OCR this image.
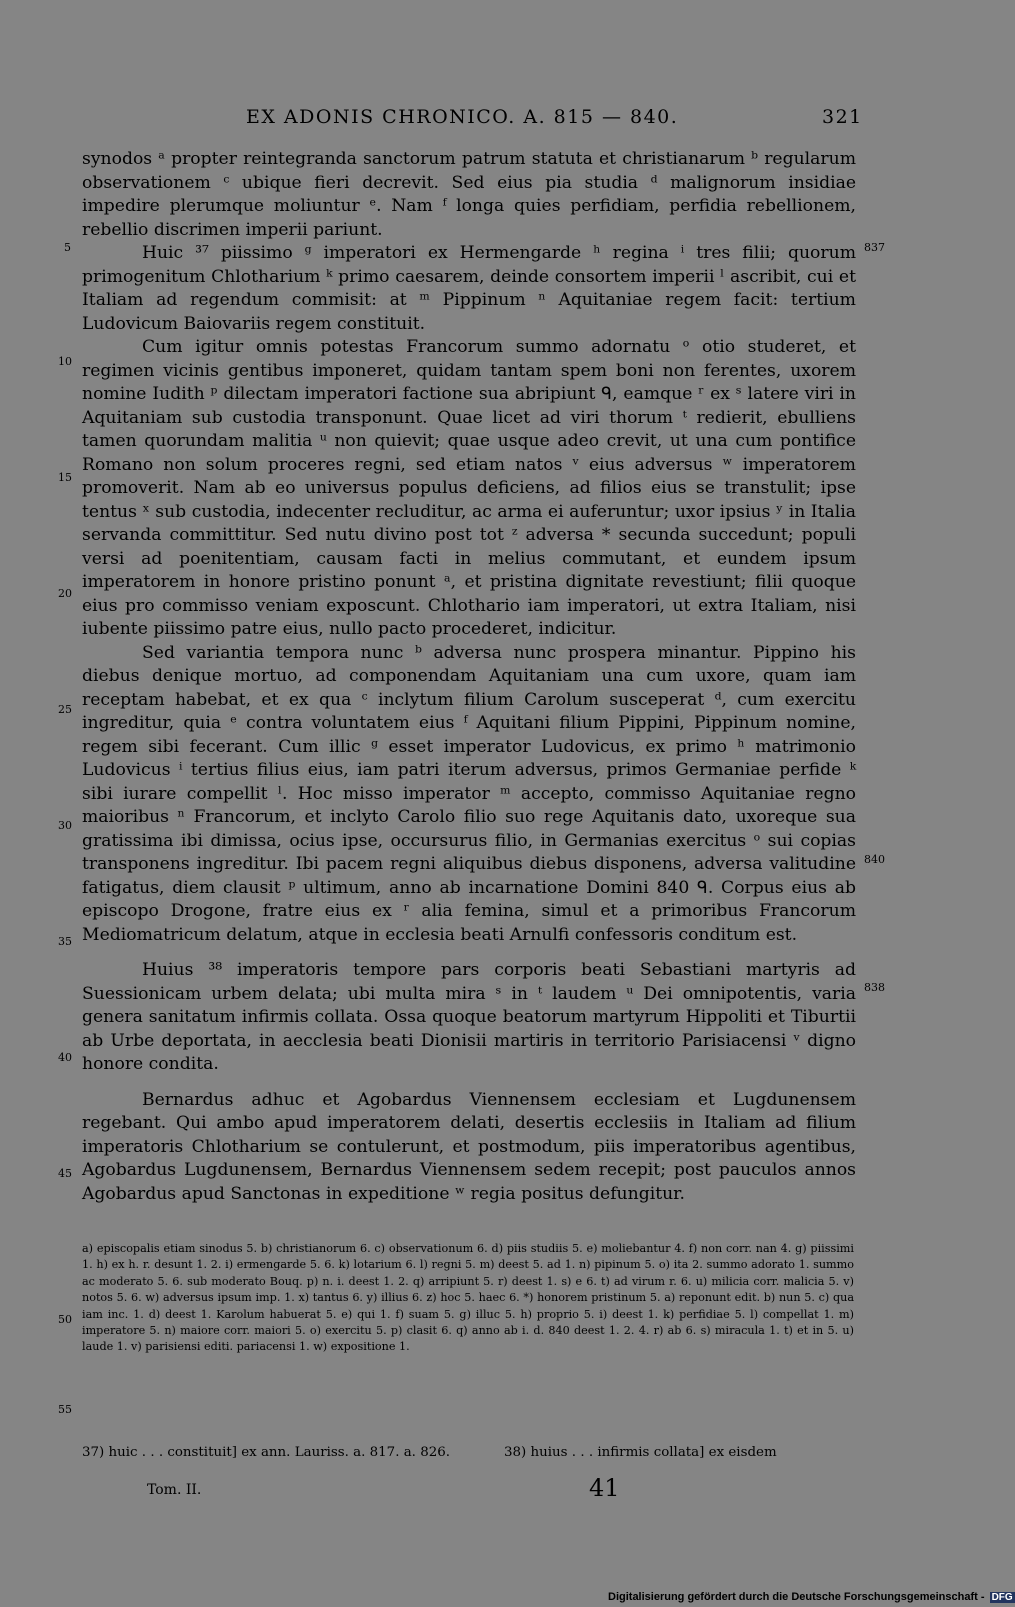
EX ADONIS CHRONICO. A. 815 — 840.	321

synodos ᵃ propter reintegranda sanctorum patrum statuta et christianarum ᵇ regularum observationem ᶜ ubique fieri decrevit. Sed eius pia studia ᵈ malignorum insidiae impedire plerumque moliuntur ᵉ. Nam ᶠ longa quies perfidiam, perfidia rebellionem, rebellio discrimen imperii pariunt.

Huic ³⁷ piissimo ᵍ imperatori ex Hermengarde ʰ regina ⁱ tres filii; quorum primogenitum Chlotharium ᵏ primo caesarem, deinde consortem imperii ˡ ascribit, cui et Italiam ad regendum commisit: at ᵐ Pippinum ⁿ Aquitaniae regem facit: tertium Ludovicum Baiovariis regem constituit.

Cum igitur omnis potestas Francorum summo adornatu ᵒ otio studeret, et regimen vicinis gentibus imponeret, quidam tantam spem boni non ferentes, uxorem nomine Iudith ᵖ dilectam imperatori factione sua abripiunt ᑫ, eamque ʳ ex ˢ latere viri in Aquitaniam sub custodia transponunt. Quae licet ad viri thorum ᵗ redierit, ebulliens tamen quorundam malitia ᵘ non quievit; quae usque adeo crevit, ut una cum pontifice Romano non solum proceres regni, sed etiam natos ᵛ eius adversus ʷ imperatorem promoverit. Nam ab eo universus populus deficiens, ad filios eius se transtulit; ipse tentus ˣ sub custodia, indecenter recluditur, ac arma ei auferuntur; uxor ipsius ʸ in Italia servanda committitur. Sed nutu divino post tot ᶻ adversa * secunda succedunt; populi versi ad poenitentiam, causam facti in melius commutant, et eundem ipsum imperatorem in honore pristino ponunt ᵃ, et pristina dignitate revestiunt; filii quoque eius pro commisso veniam exposcunt. Chlothario iam imperatori, ut extra Italiam, nisi iubente piissimo patre eius, nullo pacto procederet, indicitur.

Sed variantia tempora nunc ᵇ adversa nunc prospera minantur. Pippino his diebus denique mortuo, ad componendam Aquitaniam una cum uxore, quam iam receptam habebat, et ex qua ᶜ inclytum filium Carolum susceperat ᵈ, cum exercitu ingreditur, quia ᵉ contra voluntatem eius ᶠ Aquitani filium Pippini, Pippinum nomine, regem sibi fecerant. Cum illic ᵍ esset imperator Ludovicus, ex primo ʰ matrimonio Ludovicus ⁱ tertius filius eius, iam patri iterum adversus, primos Germaniae perfide ᵏ sibi iurare compellit ˡ. Hoc misso imperator ᵐ accepto, commisso Aquitaniae regno maioribus ⁿ Francorum, et inclyto Carolo filio suo rege Aquitanis dato, uxoreque sua gratissima ibi dimissa, ocius ipse, occursurus filio, in Germanias exercitus ᵒ sui copias transponens ingreditur. Ibi pacem regni aliquibus diebus disponens, adversa valitudine fatigatus, diem clausit ᵖ ultimum, anno ab incarnatione Domini 840 ᑫ. Corpus eius ab episcopo Drogone, fratre eius ex ʳ alia femina, simul et a primoribus Francorum Mediomatricum delatum, atque in ecclesia beati Arnulfi confessoris conditum est.

Huius ³⁸ imperatoris tempore pars corporis beati Sebastiani martyris ad Suessionicam urbem delata; ubi multa mira ˢ in ᵗ laudem ᵘ Dei omnipotentis, varia genera sanitatum infirmis collata. Ossa quoque beatorum martyrum Hippoliti et Tiburtii ab Urbe deportata, in aecclesia beati Dionisii martiris in territorio Parisiacensi ᵛ digno honore condita.

Bernardus adhuc et Agobardus Viennensem ecclesiam et Lugdunensem regebant. Qui ambo apud imperatorem delati, desertis ecclesiis in Italiam ad filium imperatoris Chlotharium se contulerunt, et postmodum, piis imperatoribus agentibus, Agobardus Lugdunensem, Bernardus Viennensem sedem recepit; post pauculos annos Agobardus apud Sanctonas in expeditione ʷ regia positus defungitur.

5
10
15
20
25
30
35
40
45
50
55
837
840
838
a) episcopalis etiam sinodus 5. b) christianorum 6. c) observationum 6. d) piis studiis 5. e) moliebantur 4. f) non corr. nan 4. g) piissimi 1. h) ex h. r. desunt 1. 2. i) ermengarde 5. 6. k) lotarium 6. l) regni 5. m) deest 5. ad 1. n) pipinum 5. o) ita 2. summo adorato 1. summo ac moderato 5. 6. sub moderato Bouq. p) n. i. deest 1. 2. q) arripiunt 5. r) deest 1. s) e 6. t) ad virum r. 6. u) milicia corr. malicia 5. v) notos 5. 6. w) adversus ipsum imp. 1. x) tantus 6. y) illius 6. z) hoc 5. haec 6. *) honorem pristinum 5. a) reponunt edit. b) nun 5. c) qua iam inc. 1. d) deest 1. Karolum habuerat 5. e) qui 1. f) suam 5. g) illuc 5. h) proprio 5. i) deest 1. k) perfidiae 5. l) compellat 1. m) imperatore 5. n) maiore corr. maiori 5. o) exercitu 5. p) clasit 6. q) anno ab i. d. 840 deest 1. 2. 4. r) ab 6. s) miracula 1. t) et in 5. u) laude 1. v) parisiensi editi. pariacensi 1. w) expositione 1.
37) huic . . . constituit] ex ann. Lauriss. a. 817. a. 826.	38) huius . . . infirmis collata] ex eisdem
Tom. II.	41
Digitalisierung gefördert durch die Deutsche Forschungsgemeinschaft - DFG
